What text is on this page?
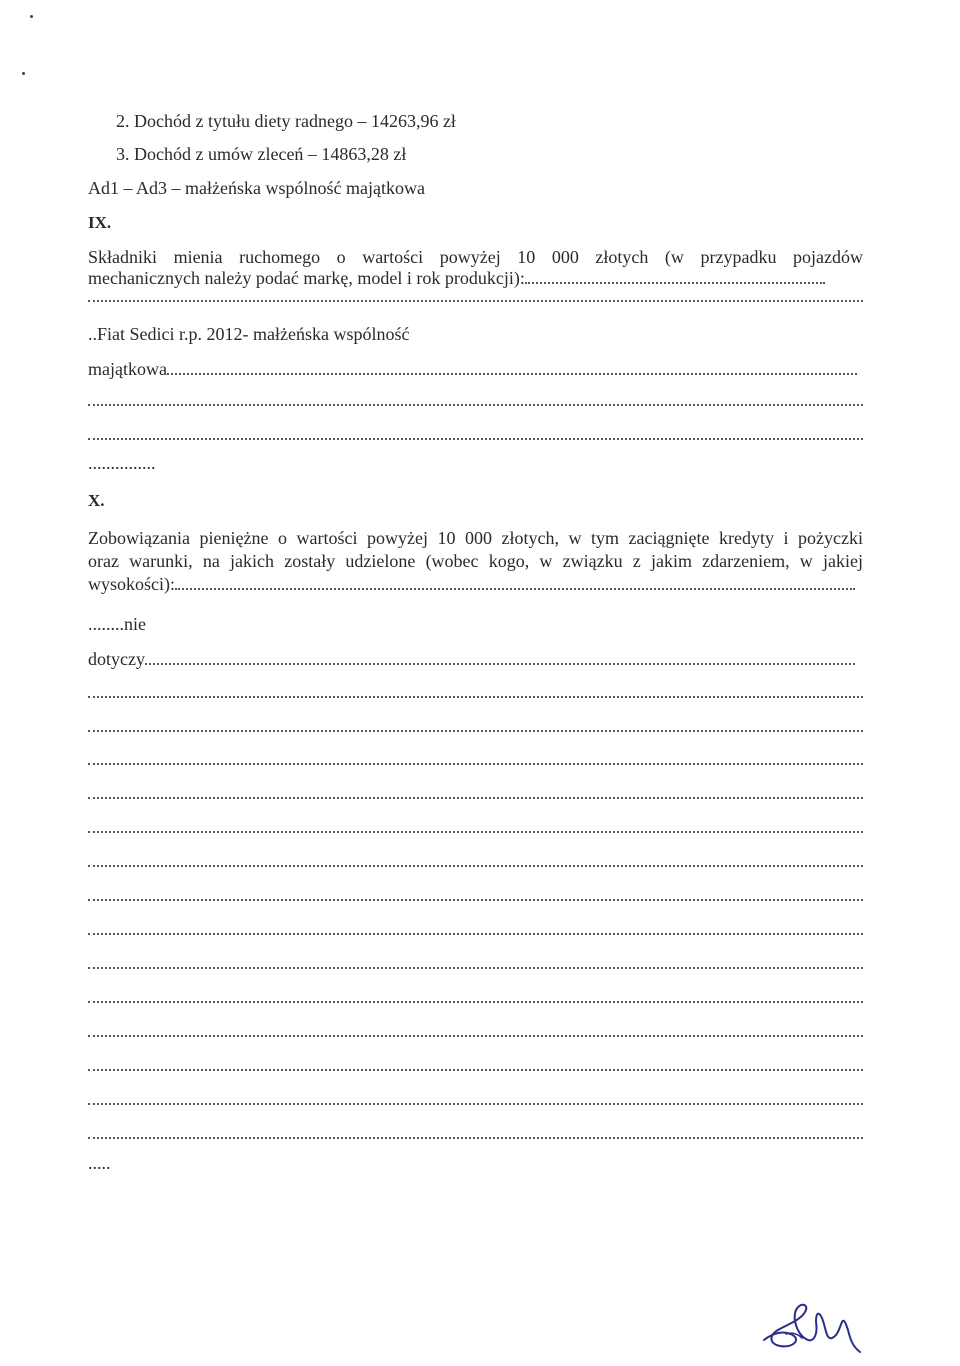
2. Dochód z tytułu diety radnego – 14263,96 zł
3. Dochód z umów zleceń – 14863,28 zł
Ad1 – Ad3 – małżeńska wspólność majątkowa
IX.
Składniki mienia ruchomego o wartości powyżej 10 000 złotych (w przypadku pojazdów
mechanicznych należy podać markę, model i rok produkcji):
..Fiat Sedici r.p. 2012- małżeńska wspólność
majątkowa
...............
X.
Zobowiązania pieniężne o wartości powyżej 10 000 złotych, w tym zaciągnięte kredyty i pożyczki
oraz warunki, na jakich zostały udzielone (wobec kogo, w związku z jakim zdarzeniem, w jakiej
wysokości):
........nie
dotyczy
.....
